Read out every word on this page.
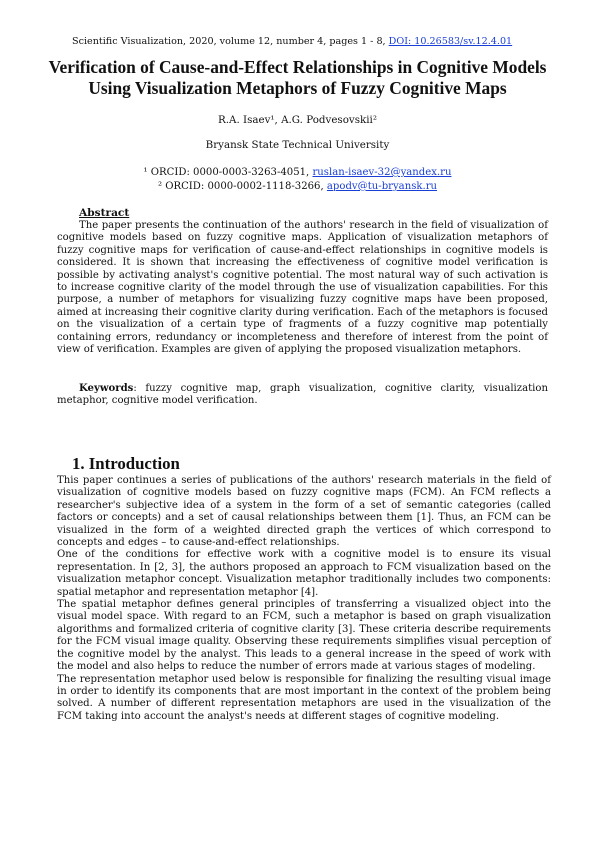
Scientific Visualization, 2020, volume 12, number 4, pages 1 - 8, DOI: 10.26583/sv.12.4.01
Verification of Cause-and-Effect Relationships in Cognitive Models Using Visualization Metaphors of Fuzzy Cognitive Maps
R.A. Isaev¹, A.G. Podvesovskii²
Bryansk State Technical University
¹ ORCID: 0000-0003-3263-4051, ruslan-isaev-32@yandex.ru
² ORCID: 0000-0002-1118-3266, apodv@tu-bryansk.ru
Abstract

The paper presents the continuation of the authors' research in the field of visualization of cognitive models based on fuzzy cognitive maps. Application of visualization metaphors of fuzzy cognitive maps for verification of cause-and-effect relationships in cognitive models is considered. It is shown that increasing the effectiveness of cognitive model verification is possible by activating analyst's cognitive potential. The most natural way of such activation is to increase cognitive clarity of the model through the use of visualization capabilities. For this purpose, a number of metaphors for visualizing fuzzy cognitive maps have been proposed, aimed at increasing their cognitive clarity during verification. Each of the metaphors is focused on the visualization of a certain type of fragments of a fuzzy cognitive map potentially containing errors, redundancy or incompleteness and therefore of interest from the point of view of verification. Examples are given of applying the proposed visualization metaphors.

Keywords: fuzzy cognitive map, graph visualization, cognitive clarity, visualization metaphor, cognitive model verification.

1. Introduction

This paper continues a series of publications of the authors' research materials in the field of visualization of cognitive models based on fuzzy cognitive maps (FCM). An FCM reflects a researcher's subjective idea of a system in the form of a set of semantic categories (called factors or concepts) and a set of causal relationships between them [1]. Thus, an FCM can be visualized in the form of a weighted directed graph the vertices of which correspond to concepts and edges – to cause-and-effect relationships.

One of the conditions for effective work with a cognitive model is to ensure its visual representation. In [2, 3], the authors proposed an approach to FCM visualization based on the visualization metaphor concept. Visualization metaphor traditionally includes two components: spatial metaphor and representation metaphor [4].

The spatial metaphor defines general principles of transferring a visualized object into the visual model space. With regard to an FCM, such a metaphor is based on graph visualization algorithms and formalized criteria of cognitive clarity [3]. These criteria describe requirements for the FCM visual image quality. Observing these requirements simplifies visual perception of the cognitive model by the analyst. This leads to a general increase in the speed of work with the model and also helps to reduce the number of errors made at various stages of modeling.

The representation metaphor used below is responsible for finalizing the resulting visual image in order to identify its components that are most important in the context of the problem being solved. A number of different representation metaphors are used in the visualization of the FCM taking into account the analyst's needs at different stages of cognitive modeling.
